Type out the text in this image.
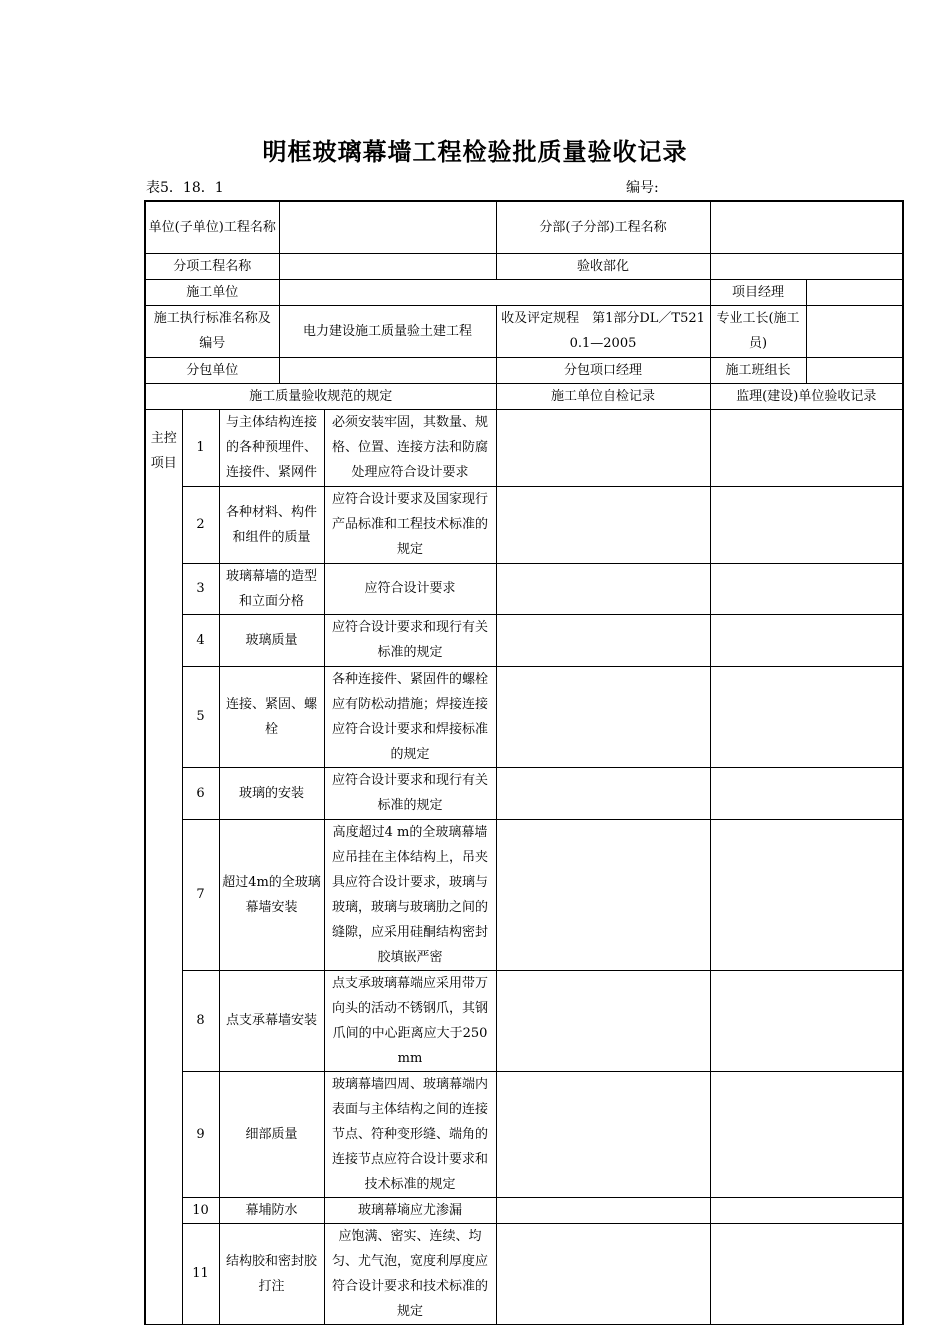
明框玻璃幕墙工程检验批质量验收记录
表5．18．1	编号:
单位(子单位)工程名称					分部(子分部)工程名称		
分项工程名称					验收部化		
施工单位						项目经理	
施工执行标准名称及编号			电力建设施工质量验土建工程		收及评定规程　第1部分DL／T5210.1—2005	专业工长(施工员)	
分包单位					分包项口经理	施工班组长	
施工质量验收规范的规定					施工单位自检记录	监理(建设)单位验收记录	

主控项目	1	与主体结构连接的各种预埋件、连接件、紧网件		必须安装牢固，其数量、规格、位置、连接方法和防腐处理应符合设计要求			
	2	各种材料、构件和组件的质量		应符合设计要求及国家现行产品标准和工程技术标准的规定			
	3	玻璃幕墙的造型和立面分格		应符合设计要求			
	4	玻璃质量		应符合设计要求和现行有关标准的规定			
	5	连接、紧固、螺栓		各种连接件、紧固件的螺栓应有防松动措施；焊接连接应符合设计要求和焊接标准的规定			
	6	玻璃的安装		应符合设计要求和现行有关标准的规定			
	7	超过4m的全玻璃幕墙安装		高度超过4 m的全玻璃幕墙应吊挂在主体结构上，吊夹具应符合设计要求，玻璃与玻璃，玻璃与玻璃肋之间的缝隙，应采用硅酮结构密封胶填嵌严密			
	8	点支承幕墙安装		点支承玻璃幕端应采用带万向头的活动不锈钢爪，其钢爪间的中心距离应大于250 mm			
	9	细部质量		玻璃幕墙四周、玻璃幕端内表面与主体结构之间的连接节点、符种变形缝、端角的连接节点应符合设计要求和技术标准的规定			
	10	幕埔防水		玻璃幕墒应尤渗漏			
	11	结构胶和密封胶打注		应饱满、密实、连续、均匀、尤气泡，宽度利厚度应符合设计要求和技术标准的规定			
